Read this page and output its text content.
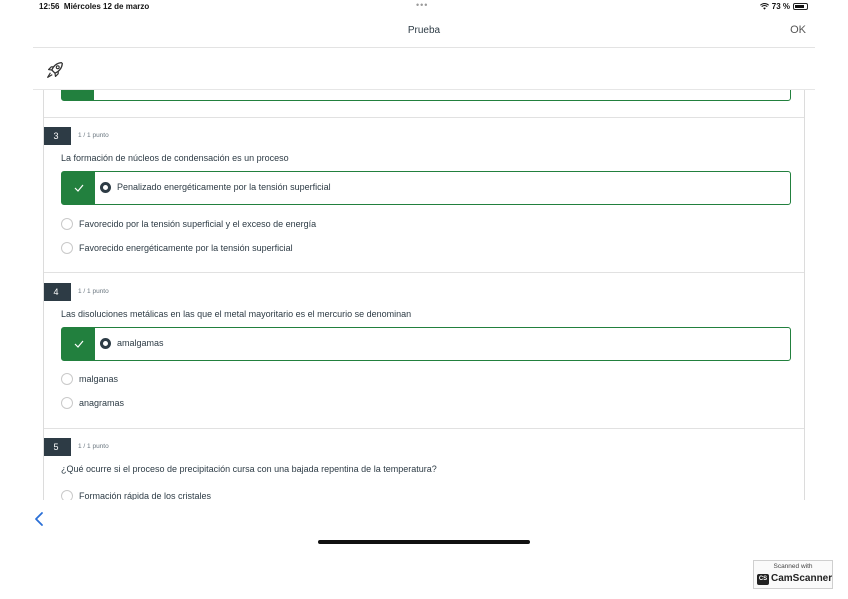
12:56 Miércoles 12 de marzo	•••	73 %
Prueba	OK
3	1 / 1 punto
La formación de núcleos de condensación es un proceso
Penalizado energéticamente por la tensión superficial
Favorecido por la tensión superficial y el exceso de energía
Favorecido energéticamente por la tensión superficial
4	1 / 1 punto
Las disoluciones metálicas en las que el metal mayoritario es el mercurio se denominan
amalgamas
malganas
anagramas
5	1 / 1 punto
¿Qué ocurre si el proceso de precipitación cursa con una bajada repentina de la temperatura?
Formación rápida de los cristales
Scanned with
CS CamScanner
